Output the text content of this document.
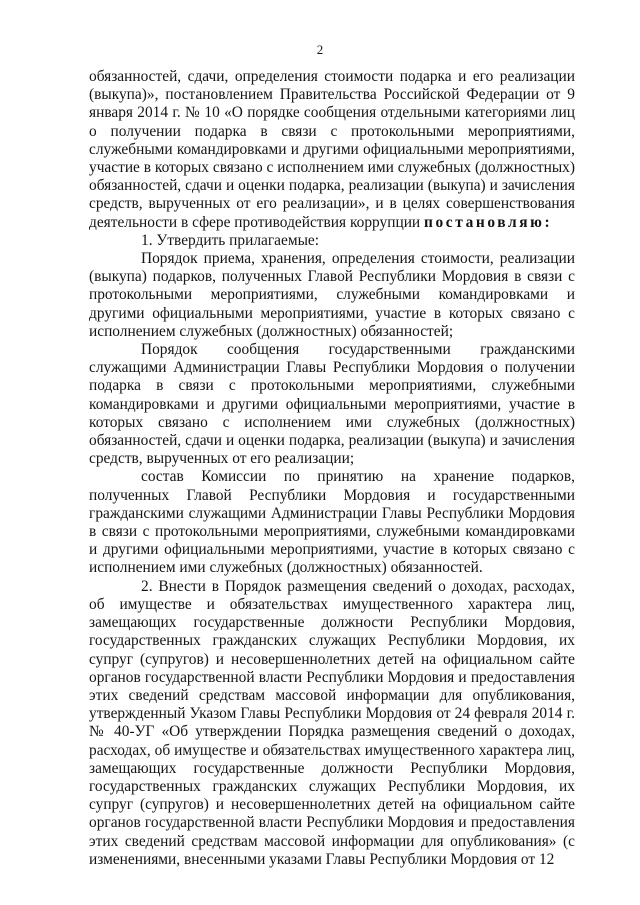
2

обязанностей, сдачи, определения стоимости подарка и его реализации (выкупа)», постановлением Правительства Российской Федерации от 9 января 2014 г. № 10 «О порядке сообщения отдельными категориями лиц о получении подарка в связи с протокольными мероприятиями, служебными командировками и другими официальными мероприятиями, участие в которых связано с исполнением ими служебных (должностных) обязанностей, сдачи и оценки подарка, реализации (выкупа) и зачисления средств, вырученных от его реализации», и в целях совершенствования деятельности в сфере противодействия коррупции постановляю:

1. Утвердить прилагаемые:

Порядок приема, хранения, определения стоимости, реализации (выкупа) подарков, полученных Главой Республики Мордовия в связи с протокольными мероприятиями, служебными командировками и другими официальными мероприятиями, участие в которых связано с исполнением служебных (должностных) обязанностей;

Порядок сообщения государственными гражданскими служащими Администрации Главы Республики Мордовия о получении подарка в связи с протокольными мероприятиями, служебными командировками и другими официальными мероприятиями, участие в которых связано с исполнением ими служебных (должностных) обязанностей, сдачи и оценки подарка, реализации (выкупа) и зачисления средств, вырученных от его реализации;

состав Комиссии по принятию на хранение подарков, полученных Главой Республики Мордовия и государственными гражданскими служащими Администрации Главы Республики Мордовия в связи с протокольными мероприятиями, служебными командировками и другими официальными мероприятиями, участие в которых связано с исполнением ими служебных (должностных) обязанностей.

2. Внести в Порядок размещения сведений о доходах, расходах, об имуществе и обязательствах имущественного характера лиц, замещающих государственные должности Республики Мордовия, государственных гражданских служащих Республики Мордовия, их супруг (супругов) и несовершеннолетних детей на официальном сайте органов государственной власти Республики Мордовия и предоставления этих сведений средствам массовой информации для опубликования, утвержденный Указом Главы Республики Мордовия от 24 февраля 2014 г. № 40-УГ «Об утверждении Порядка размещения сведений о доходах, расходах, об имуществе и обязательствах имущественного характера лиц, замещающих государственные должности Республики Мордовия, государственных гражданских служащих Республики Мордовия, их супруг (супругов) и несовершеннолетних детей на официальном сайте органов государственной власти Республики Мордовия и предоставления этих сведений средствам массовой информации для опубликования» (с изменениями, внесенными указами Главы Республики Мордовия от 12
